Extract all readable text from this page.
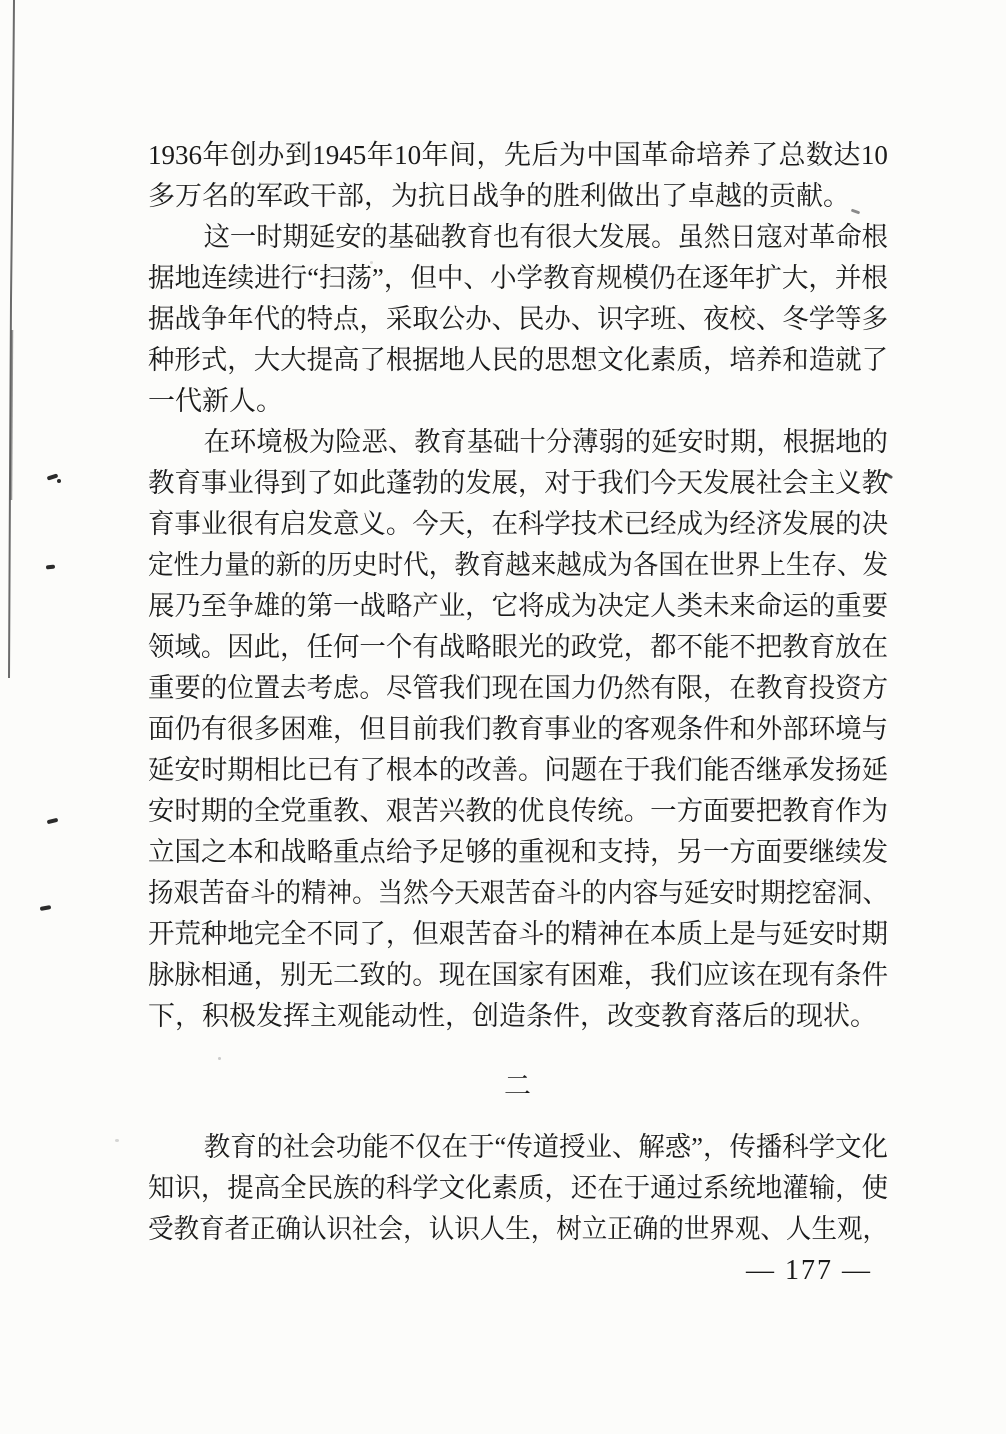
1936 年 创 办 到 1945 年 10 年 间 ， 先 后 为 中 国 革 命 培 养 了 总 数 达 10
多万名的军政干部，为抗日战争的胜利做出了卓越的贡献。
这 一 时 期 延 安 的 基 础 教 育 也 有 很 大 发 展 。 虽 然 日 寇 对 革 命 根
据 地 连 续 进 行 “ 扫 荡 ” ， 但 中 、 小 学 教 育 规 模 仍 在 逐 年 扩 大 ， 并 根
据 战 争 年 代 的 特 点 ， 采 取 公 办 、 民 办 、 识 字 班 、 夜 校 、 冬 学 等 多
种 形 式 ， 大 大 提 高 了 根 据 地 人 民 的 思 想 文 化 素 质 ， 培 养 和 造 就 了
一代新人。
在 环 境 极 为 险 恶 、 教 育 基 础 十 分 薄 弱 的 延 安 时 期 ， 根 据 地 的
教 育 事 业 得 到 了 如 此 蓬 勃 的 发 展 ， 对 于 我 们 今 天 发 展 社 会 主 义 教
育 事 业 很 有 启 发 意 义 。 今 天 ， 在 科 学 技 术 已 经 成 为 经 济 发 展 的 决
定 性 力 量 的 新 的 历 史 时 代 ， 教 育 越 来 越 成 为 各 国 在 世 界 上 生 存 、 发
展 乃 至 争 雄 的 第 一 战 略 产 业 ， 它 将 成 为 决 定 人 类 未 来 命 运 的 重 要
领 域 。 因 此 ， 任 何 一 个 有 战 略 眼 光 的 政 党 ， 都 不 能 不 把 教 育 放 在
重 要 的 位 置 去 考 虑 。 尽 管 我 们 现 在 国 力 仍 然 有 限 ， 在 教 育 投 资 方
面 仍 有 很 多 困 难 ， 但 目 前 我 们 教 育 事 业 的 客 观 条 件 和 外 部 环 境 与
延 安 时 期 相 比 已 有 了 根 本 的 改 善 。 问 题 在 于 我 们 能 否 继 承 发 扬 延
安 时 期 的 全 党 重 教 、 艰 苦 兴 教 的 优 良 传 统 。 一 方 面 要 把 教 育 作 为
立 国 之 本 和 战 略 重 点 给 予 足 够 的 重 视 和 支 持 ， 另 一 方 面 要 继 续 发
扬 艰 苦 奋 斗 的 精 神 。 当 然 今 天 艰 苦 奋 斗 的 内 容 与 延 安 时 期 挖 窑 洞 、
开 荒 种 地 完 全 不 同 了 ， 但 艰 苦 奋 斗 的 精 神 在 本 质 上 是 与 延 安 时 期
脉 脉 相 通 ， 别 无 二 致 的 。 现 在 国 家 有 困 难 ， 我 们 应 该 在 现 有 条 件
下，积极发挥主观能动性，创造条件，改变教育落后的现状。
二
教 育 的 社 会 功 能 不 仅 在 于 “ 传 道 授 业 、 解 惑 ” ， 传 播 科 学 文 化
知 识 ， 提 高 全 民 族 的 科 学 文 化 素 质 ， 还 在 于 通 过 系 统 地 灌 输 ， 使
受 教 育 者 正 确 认 识 社 会 ， 认 识 人 生 ， 树 立 正 确 的 世 界 观 、 人 生 观 ，
— 177 —
